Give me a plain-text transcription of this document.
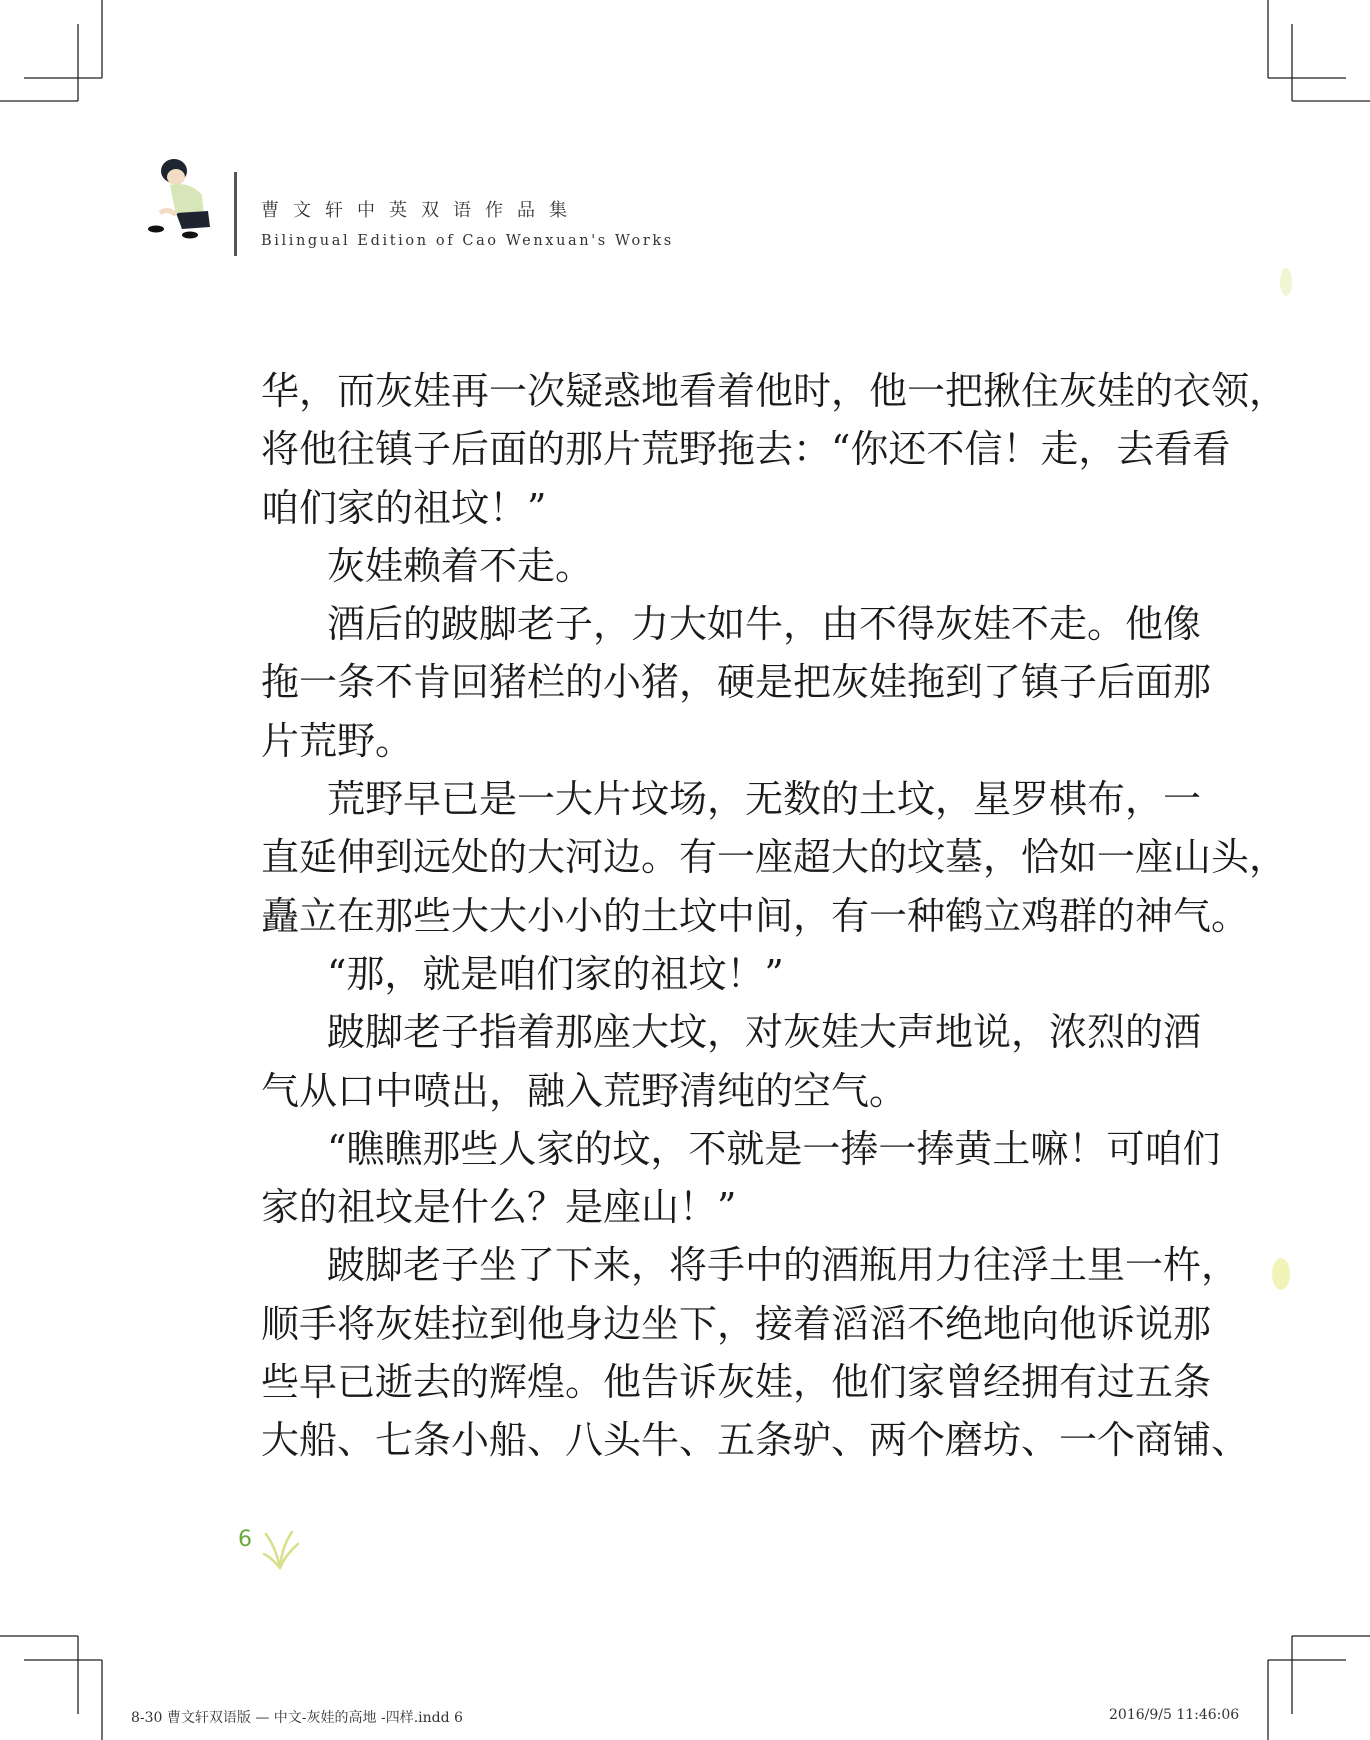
曹文轩中英双语作品集
Bilingual Edition of Cao Wenxuan's Works
华，而灰娃再一次疑惑地看着他时，他一把揪住灰娃的衣领，
将他往镇子后面的那片荒野拖去：“你还不信！走，去看看
咱们家的祖坟！”
灰娃赖着不走。
酒后的跛脚老子，力大如牛，由不得灰娃不走。他像
拖一条不肯回猪栏的小猪，硬是把灰娃拖到了镇子后面那
片荒野。
荒野早已是一大片坟场，无数的土坟，星罗棋布，一
直延伸到远处的大河边。有一座超大的坟墓，恰如一座山头，
矗立在那些大大小小的土坟中间，有一种鹤立鸡群的神气。
“那，就是咱们家的祖坟！”
跛脚老子指着那座大坟，对灰娃大声地说，浓烈的酒
气从口中喷出，融入荒野清纯的空气。
“瞧瞧那些人家的坟，不就是一捧一捧黄土嘛！可咱们
家的祖坟是什么？是座山！”
跛脚老子坐了下来，将手中的酒瓶用力往浮土里一杵，
顺手将灰娃拉到他身边坐下，接着滔滔不绝地向他诉说那
些早已逝去的辉煌。他告诉灰娃，他们家曾经拥有过五条
大船、七条小船、八头牛、五条驴、两个磨坊、一个商铺、
6
8-30 曹文轩双语版 — 中文-灰娃的高地 -四样.indd 6	2016/9/5 11:46:06
